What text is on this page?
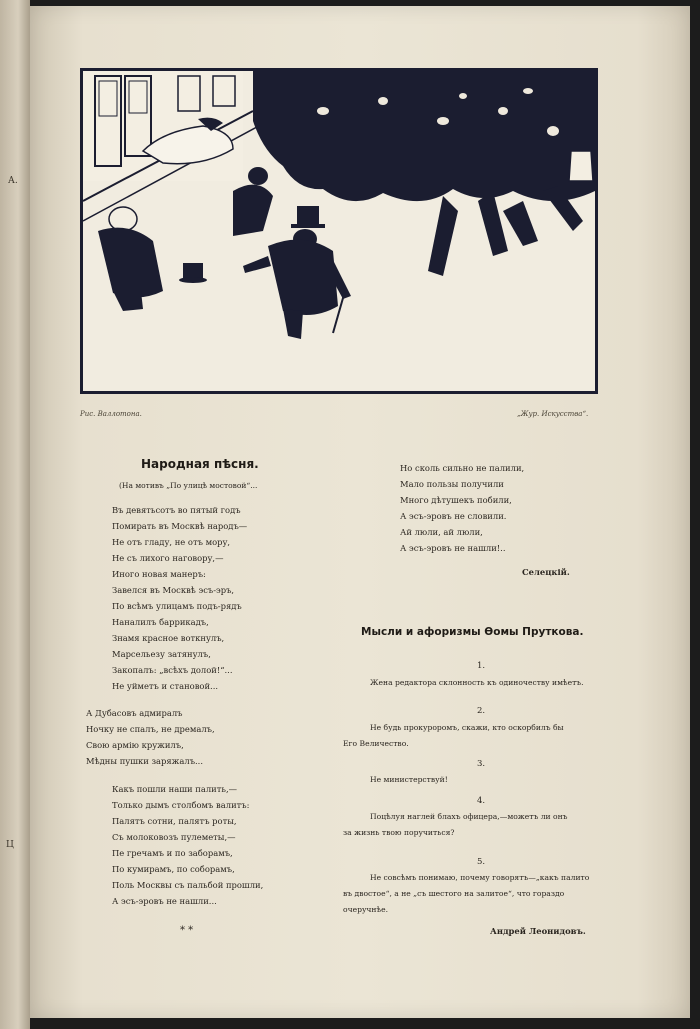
А.
Ц
Рис. Валлотона.	„Жур. Искусства“.
Народная пѣсня.
(На мотивъ „По улицѣ мостовой“...
Въ девятьсотъ во пятый годъ
Помирать въ Москвѣ народъ—
Не отъ гладу, не отъ мору,
Не съ лихого наговору,—
Иного новая манеръ:
Завелся въ Москвѣ эсъ-эръ,
По всѣмъ улицамъ подъ-рядъ
Наналилъ баррикадъ,
Знамя красное воткнулъ,
Марсельезу затянулъ,
Закопалъ: „всѣхъ долой!“...
Не уйметъ и становой...
А Дубасовъ адмиралъ
Ночку не спалъ, не дремалъ,
Свою армію кружилъ,
Мѣдны пушки заряжалъ...
Какъ пошли наши палить,—
Только дымъ столбомъ валитъ:
Палятъ сотни, палятъ роты,
Съ молоковозъ пулеметы,—
Пе гречамъ и по заборамъ,
По кумирамъ, по соборамъ,
Поль Москвы съ пальбой прошли,
А эсъ-эровъ не нашли...
* *
Но сколь сильно не палили,
Мало пользы получили
Много дѣтушекъ побили,
А эсъ-эровъ не словили.
Ай люли, ай люли,
А эсъ-эровъ не нашли!..
Селецкій.
Мысли и афоризмы Ѳомы Пруткова.
1.
Жена редактора склонность къ одиночеству имѣетъ.
2.
Не будь прокуроромъ, скажи, кто оскорбилъ бы
Его Величество.
3.
Не министерствуй!
4.
Поцѣлуя наглей блахъ офицера,—можетъ ли онъ
за жизнь твою поручиться?
5.
Не совсѣмъ понимаю, почему говорятъ—„какъ палито
въ двостое“, а не „съ шестого на залитое“, что гораздо
очеручнѣе.
Андрей Леонидовъ.
